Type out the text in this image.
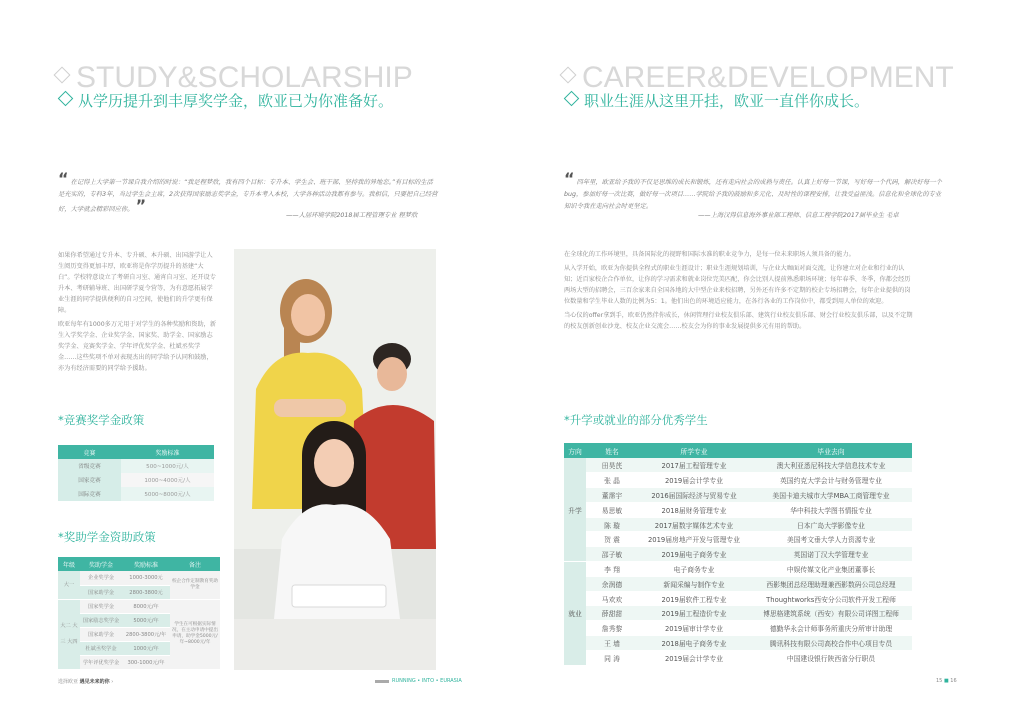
STUDY&SCHOLARSHIP
从学历提升到丰厚奖学金，欧亚已为你准备好。
“ 在记得上大学第一节课自我介绍的时说：“我是程梦欣，我有四个目标：专升本、学生会、班干部、坚持我的异地恋。”有目标的生活是充实的，专科3年，当过学生会主席，2次获得国家励志奖学金，专升本考入本校，大学各种活动我都有参与。我相信，只要把自己经营好，大学就会精彩回应你。 ”
——人居环境学院2018届工程管理专业 程梦欣

如果你希望通过专升本、专升硕、本升硕、出国游学让人生阅历变得更加丰厚，欧亚将是你学历提升的基建“大白”。学校特意设立了考研自习室、通宵自习室、还开设专升本、考研辅导班、出国研学夏令营等，为有意愿拓展学业生涯的同学提供便利的自习空间，使他们的升学更有保障。

欧亚每年有1000多万元用于对学生的各种奖励和资助，新生入学奖学金、企业奖学金、国家奖、助学金、国家励志奖学金、竞赛奖学金、学年评优奖学金、杜斌丞奖学金……这些奖项不单对表现杰出的同学给予认同和鼓励，亦为有经济需要的同学给予援助。

*竞赛奖学金政策
竞赛	奖励标准
省级竞赛	500~1000元/人
国家竞赛	1000~4000元/人
国际竞赛	5000~8000元/人
*奖助学金资助政策
年级	奖助学金	奖励标准	备注
大一	企业奖学金	1000-3000元	校企合作定制教育奖助 学金
	国家助学金	2800-3800元	
大二 大三 大四	国家奖学金	8000元/年	学生在可根据实际情况，在主动申请中提出申请，助学金5000元/年~8000元/年
	国家励志奖学金	5000元/年	
	国家助学金	2800-3800元/年	
	杜斌丞奖学金	1000元/年	
	学年评优奖学金	300-1000元/年	
选择欧亚 遇见未来的你 ›	RUNNING • INTO • EURASIA
CAREER&DEVELOPMENT
职业生涯从这里开挂，欧亚一直伴你成长。
“ 四年里，欧亚给予我的不仅是思维的成长和锻炼，还有走向社会的成熟与责任。认真上好每一节课，写好每一个代码，解决好每一个bug，参加好每一次比赛，做好每一次项目……学院给予我的鼓励和多元化、及时性的课程安排，让我受益匪浅。信息化和全球化的专业知识令我在走向社会时更坚定。
——上海汉得信息海外事业部工程师、信息工程学院2017届毕业生 毛卓

在全球化的工作环境里，具备国际化的视野和国际水准的职业竞争力，是每一位未来职场人须具备的能力。

从入学开始，欧亚为你提供全程式的职业生涯设计；职业生涯规划培训，与企业大咖面对面交流，让你建立对企业和行业的认知；近百家校企合作单位，让你的学习需求和就业岗位完美匹配，你会比别人提前熟悉职场环境；每年春季、冬季，你都会经历两场大型的招聘会，三百余家来自全国各地的大中型企业来校招聘，另外还有许多不定期的校企专场招聘会，每年企业提供的岗位数量和学生毕业人数的比例为5：1。他们出色的环境适应能力，在各行各业的工作岗位中，都受到用人单位的欢迎。

当心仪的offer拿到手，欧亚仍然伴你成长，休闲管理行业校友俱乐部、建筑行业校友俱乐部、财会行业校友俱乐部，以及不定期的校友创新创业沙龙、校友企业交流会……校友会为你的事业发展提供多元有用的帮助。

*升学或就业的部分优秀学生
方向	姓名	所学专业	毕业去向
升学	田昊芪	2017届工程管理专业	澳大利亚悉尼科技大学信息技术专业
	张 晶	2019届会计学专业	英国约克大学会计与财务管理专业
	董霈宇	2016届国际经济与贸易专业	美国卡迪夫城市大学MBA工商管理专业
	易思敏	2018届财务管理专业	华中科技大学图书情报专业
	陈 璇	2017届数字媒体艺术专业	日本广岛大学影像专业
	贺 震	2019届房地产开发与管理专业	美国考文垂大学人力资源专业
	邵子敏	2019届电子商务专业	英国诺丁汉大学管理专业
就业	李 翔	电子商务专业	中娱传媒文化产业集团董事长
	余润德	新闻采编与制作专业	西影集团总经理助理兼西影数码公司总经理
	马欢欢	2019届软件工程专业	Thoughtworks西安分公司软件开发工程师
	薛甜甜	2019届工程造价专业	博思格建筑系统（西安）有限公司详图工程师
	詹秀黎	2019届审计学专业	德勤华永会计师事务所重庆分所审计助理
	王 墙	2018届电子商务专业	腾讯科技有限公司高校合作中心项目专员
	同 涛	2019届会计学专业	中国建设银行陕西省分行职员
15 ■ 16
